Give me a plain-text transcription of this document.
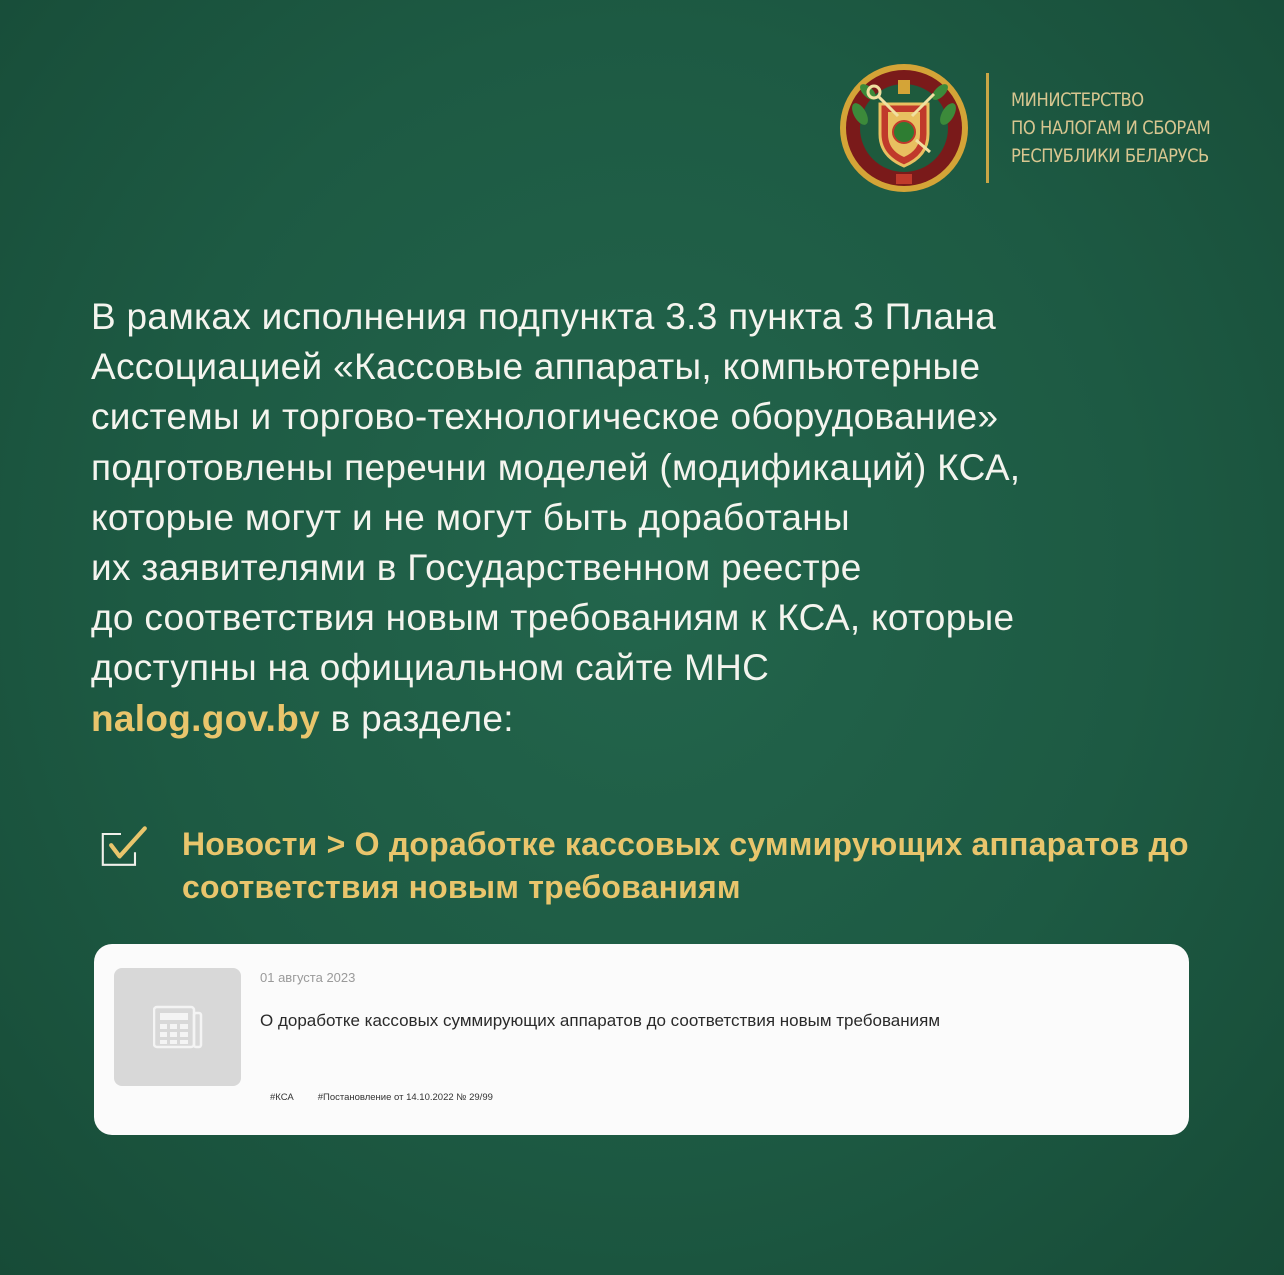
МИНИСТЕРСТВО
ПО НАЛОГАМ И СБОРАМ
РЕСПУБЛИКИ БЕЛАРУСЬ
В рамках исполнения подпункта 3.3 пункта 3 Плана
Ассоциацией «Кассовые аппараты, компьютерные
системы и торгово-технологическое оборудование»
подготовлены перечни моделей (модификаций) КСА,
которые могут и не могут быть доработаны
их заявителями в Государственном реестре
до соответствия новым требованиям к КСА, которые
доступны на официальном сайте МНС
nalog.gov.by в разделе:
Новости > О доработке кассовых суммирующих аппаратов до соответствия новым требованиям
01 августа 2023
О доработке кассовых суммирующих аппаратов до соответствия новым требованиям
#КСА	#Постановление от 14.10.2022 № 29/99
